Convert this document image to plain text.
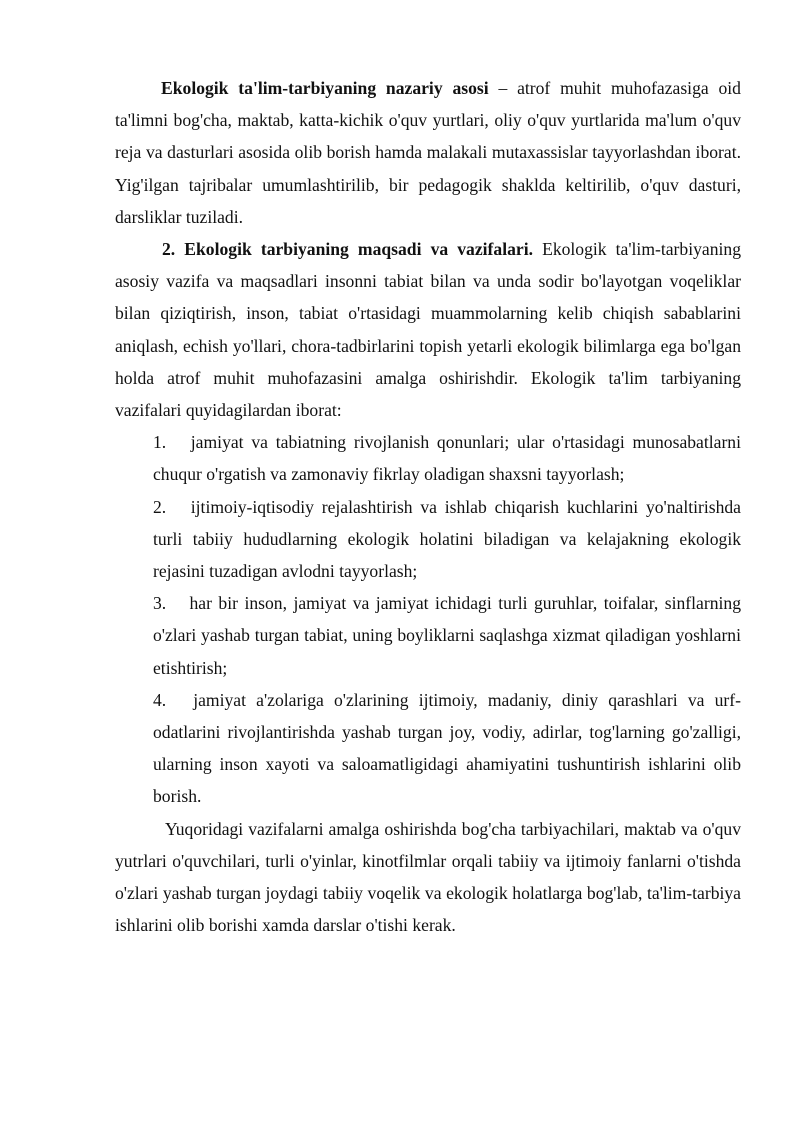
Ekologik ta'lim-tarbiyaning nazariy asosi – atrof muhit muhofazasiga oid ta'limni bog'cha, maktab, katta-kichik o'quv yurtlari, oliy o'quv yurtlarida ma'lum o'quv reja va dasturlari asosida olib borish hamda malakali mutaxassislar tayyorlashdan iborat. Yig'ilgan tajribalar umumlashtirilib, bir pedagogik shaklda keltirilib, o'quv dasturi, darsliklar tuziladi.

2. Ekologik tarbiyaning maqsadi va vazifalari. Ekologik ta'lim-tarbiyaning asosiy vazifa va maqsadlari insonni tabiat bilan va unda sodir bo'layotgan voqeliklar bilan qiziqtirish, inson, tabiat o'rtasidagi muammolarning kelib chiqish sabablarini aniqlash, echish yo'llari, chora-tadbirlarini topish yetarli ekologik bilimlarga ega bo'lgan holda atrof muhit muhofazasini amalga oshirishdir. Ekologik ta'lim tarbiyaning vazifalari quyidagilardan iborat:

1. jamiyat va tabiatning rivojlanish qonunlari; ular o'rtasidagi munosabatlarni chuqur o'rgatish va zamonaviy fikrlay oladigan shaxsni tayyorlash;
2. ijtimoiy-iqtisodiy rejalashtirish va ishlab chiqarish kuchlarini yo'naltirishda turli tabiiy hududlarning ekologik holatini biladigan va kelajakning ekologik rejasini tuzadigan avlodni tayyorlash;
3. har bir inson, jamiyat va jamiyat ichidagi turli guruhlar, toifalar, sinflarning o'zlari yashab turgan tabiat, uning boyliklarni saqlashga xizmat qiladigan yoshlarni etishtirish;
4. jamiyat a'zolariga o'zlarining ijtimoiy, madaniy, diniy qarashlari va urf-odatlarini rivojlantirishda yashab turgan joy, vodiy, adirlar, tog'larning go'zalligi, ularning inson xayoti va saloamatligidagi ahamiyatini tushuntirish ishlarini olib borish.

Yuqoridagi vazifalarni amalga oshirishda bog'cha tarbiyachilari, maktab va o'quv yutrlari o'quvchilari, turli o'yinlar, kinotfilmlar orqali tabiiy va ijtimoiy fanlarni o'tishda o'zlari yashab turgan joydagi tabiiy voqelik va ekologik holatlarga bog'lab, ta'lim-tarbiya ishlarini olib borishi xamda darslar o'tishi kerak.
